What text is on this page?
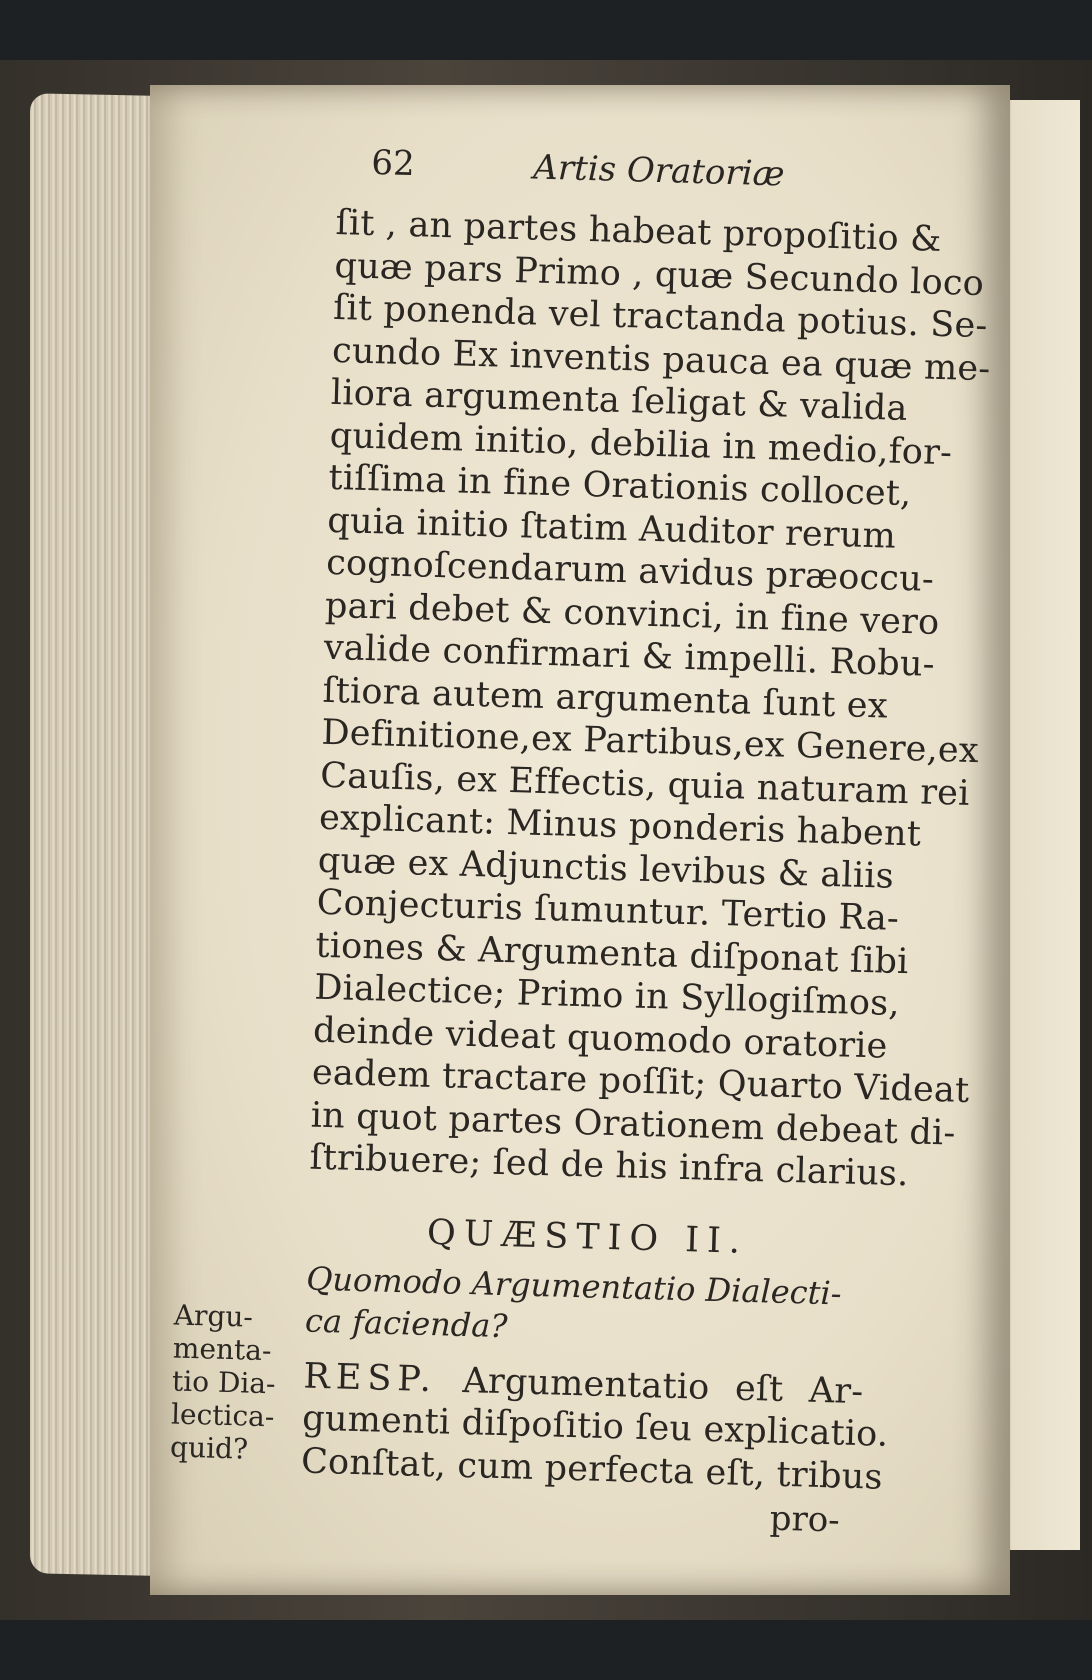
62	Artis Oratoriæ
ſit , an partes habeat propoſitio &
quæ pars Primo , quæ Secundo loco
ſit ponenda vel tractanda potius. Se-
cundo Ex inventis pauca ea quæ me-
liora argumenta ſeligat & valida
quidem initio, debilia in medio,for-
tiſſima in fine Orationis collocet,
quia initio ſtatim Auditor rerum
cognoſcendarum avidus præoccu-
pari debet & convinci, in fine vero
valide confirmari & impelli. Robu-
ſtiora autem argumenta ſunt ex
Definitione,ex Partibus,ex Genere,ex
Cauſis, ex Effectis, quia naturam rei
explicant: Minus ponderis habent
quæ ex Adjunctis levibus & aliis
Conjecturis ſumuntur. Tertio Ra-
tiones & Argumenta diſponat ſibi
Dialectice; Primo in Syllogiſmos,
deinde videat quomodo oratorie
eadem tractare poſſit; Quarto Videat
in quot partes Orationem debeat di-
ſtribuere; ſed de his infra clarius.
QUÆSTIO II.
Quomodo Argumentatio Dialecti-
ca facienda?
RESP. Argumentatio eſt Ar-
gumenti diſpoſitio ſeu explicatio.
Conſtat, cum perfecta eſt, tribus
pro-
Argu-
menta-
tio Dia-
lectica-
quid?
